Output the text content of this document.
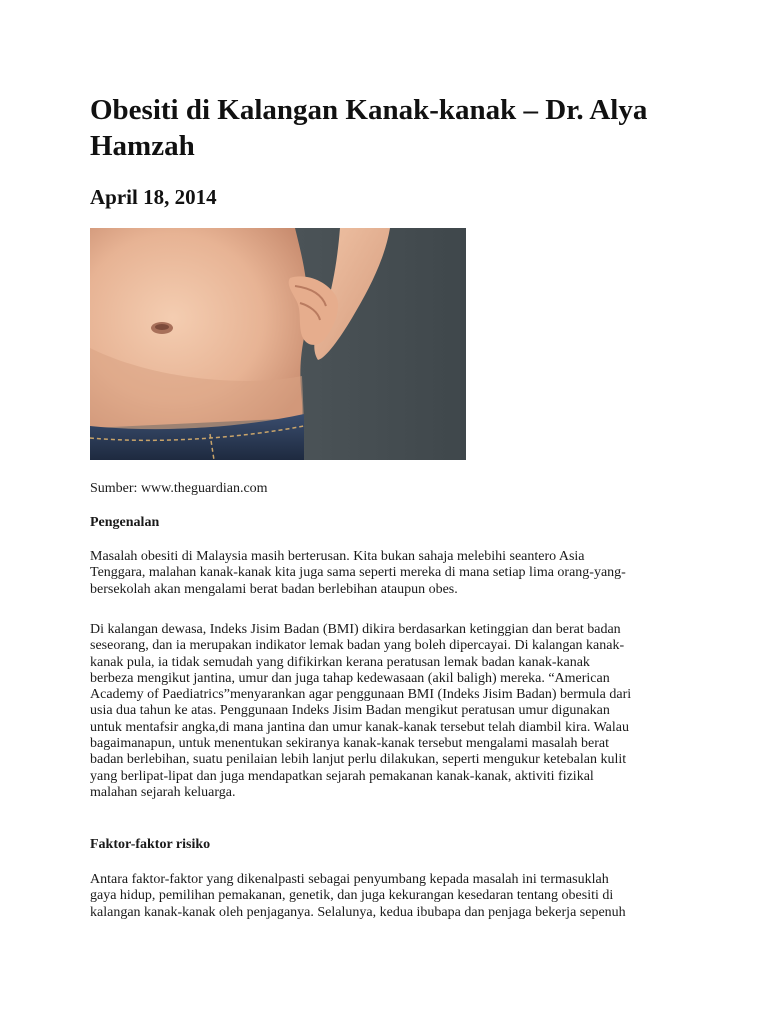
Obesiti di Kalangan Kanak-kanak – Dr. Alya Hamzah
April 18, 2014

Sumber: www.theguardian.com

Pengenalan

Masalah obesiti di Malaysia masih berterusan. Kita bukan sahaja melebihi seantero Asia
Tenggara, malahan kanak-kanak kita juga sama seperti mereka di mana setiap lima orang-yang-
bersekolah akan mengalami berat badan berlebihan ataupun obes.

Di kalangan dewasa, Indeks Jisim Badan (BMI) dikira berdasarkan ketinggian dan berat badan
seseorang, dan ia merupakan indikator lemak badan yang boleh dipercayai. Di kalangan kanak-
kanak pula, ia tidak semudah yang difikirkan kerana peratusan lemak badan kanak-kanak
berbeza mengikut jantina, umur dan juga tahap kedewasaan (akil baligh) mereka. “American
Academy of Paediatrics”menyarankan agar penggunaan BMI (Indeks Jisim Badan) bermula dari
usia dua tahun ke atas. Penggunaan Indeks Jisim Badan mengikut peratusan umur digunakan
untuk mentafsir angka,di mana jantina dan umur kanak-kanak tersebut telah diambil kira. Walau
bagaimanapun, untuk menentukan sekiranya kanak-kanak tersebut mengalami masalah berat
badan berlebihan, suatu penilaian lebih lanjut perlu dilakukan, seperti mengukur ketebalan kulit
yang berlipat-lipat dan juga mendapatkan sejarah pemakanan kanak-kanak, aktiviti fizikal
malahan sejarah keluarga.

Faktor-faktor risiko

Antara faktor-faktor yang dikenalpasti sebagai penyumbang kepada masalah ini termasuklah
gaya hidup, pemilihan pemakanan, genetik, dan juga kekurangan kesedaran tentang obesiti di
kalangan kanak-kanak oleh penjaganya. Selalunya, kedua ibubapa dan penjaga bekerja sepenuh
